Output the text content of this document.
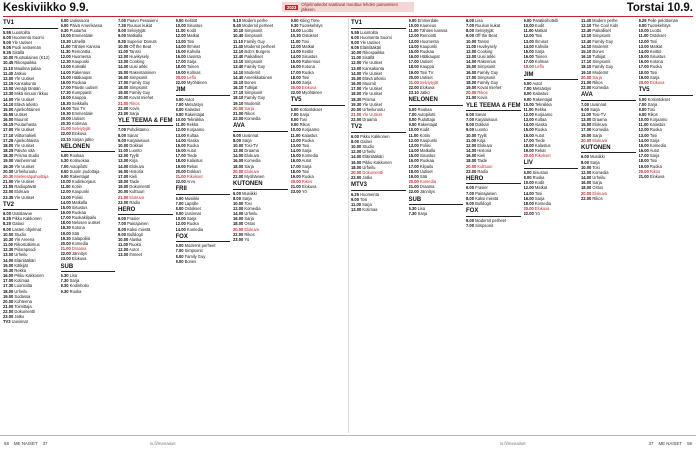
Keskiviikko 9.9.	2023	Ohjelmatiedot saattavat muuttua lehden painamisen jälkeen.	Torstai 10.9.
TV1
5.55 Luontoilta
6.00 Huomenta Suomi
9.00 Yle Uutiset
9.05 Puoli seitsemän
9.35 Sisällä
10.00 Ruotsalainen (K12)
10.45 Rikospaikka
11.10 Maailma palaa
11.40 Jatkuu
12.00 Yle Uutiset
12.15 Kansakunta
13.00 Venäjä tänään
13.30 Mikä sinuun rikkoo
14.00 Yle Uutiset
14.10 Elävä arkisto
15.00 Ajankohtainen
15.55 Uutiset
16.00 Muumit
16.15 Puutarhasta
17.00 Yle Uutiset
17.10 Viittomakieli
17.25 Ajankohtaista
18.00 Yle Uutiset
18.25 Päivän sää
18.30 Prisma studio
19.00 Vanhemmat
19.30 Yle Uutiset
20.00 Urheiluruutu
20.30 Mielensäpahoittaja
21.00 Yle Uutiset
21.05 Radiopäivät
22.00 Elokuva
23.35 Yle Uutiset
TV2
6.00 Uutislaivue
6.25 Pikku Kakkonen
8.20 Galaxi
9.00 Lasten ohjelmat
10.00 Studio
10.30 Yle Areena
11.00 Rikostutkimus
12.30 Piilorapsodi
13.00 Urheilu
14.00 Eläinlääkäri
15.00 Kätkijät
15.30 Rekka
16.00 Pikku Kakkonen
17.00 Kotimaa
17.30 Luontoilta
18.00 Urheilu
19.00 Sodassa
20.00 Kohteena
21.00 Toimittaja
22.00 Dokumentti
23.00 Jatko
TV3 Uusinnat
8.00 Uutissuora
9.00 Päivä Amerikassa
9.30 Puutarha
10.00 Emmerdale
10.30 Lähellä
11.00 Tähtien Kanssa
11.30 Remonttia
12.00 Huomenta
12.30 Kaupunki
13.00 Kotiväki
14.00 Rakennus
15.00 Hääkaupat
16.00 Ruokaa
17.00 Päivän uutiset
17.30 Kumppanit
18.00 Kauppa
18.30 Seikkailu
19.00 Tosi TV
19.30 Emmerdale
20.00 Uutiset
20.30 Kotimaa
21.00 Selviytyjät
22.00 Elokuva
23.10 Sarjan jatko
NELONEN
6.00 Ruokaa
6.30 Kotiruokaa
7.00 Autopilotti
8.00 Suurin pudottaja
9.00 Rakentajat
10.00 Kodinkorjaus
11.00 Kotiin
12.00 Kaupunki
13.00 Poliisi
14.00 Matkalla
15.00 Sisustus
16.00 Ruokaa
17.00 Ruokakilpailu
18.00 Nelosen uutiset
18.30 Kotona
19.00 Sää
19.30 Salapoliisi
20.00 Komedia
21.00 Draama
22.00 Jännitys
23.00 Elokuva
SUB
6.30 Lisa
7.30 Sarja
8.30 Kodinhoito
9.30 Ruoka
7.00 Paavo Pesusieni
7.30 Ruusun kukat
8.00 Selviytyjät
9.00 Matkalla
9.30 Superior Donuts
10.00 Off the Beat
11.00 Tanssi
12.00 Huvikysely
13.00 Cooking
14.00 Uusi arkki
15.00 Rakentaminen
16.00 Simpsonit
17.00 Family Guy
18.00 Simpsonit
19.00 Family Guy
20.00 Kovat miehet
21.00 Rikos
22.00 Kovis
23.00 Sarja
YLE TEEMA & FEM
7.00 Puhdistamo
8.00 Sanat
9.00 Karjalaisuus
10.00 Dokkari
11.00 Luonto
12.00 Tyylit
13.00 Kirja
14.00 Elokuva
16.00 Historia
17.00 Kieli
18.00 Taide
19.00 Dokumentti
20.00 Kulttuuri
21.00 Elokuva
23.00 Radio
HERO
6.00 Frasier
7.00 Painajainen
8.00 Kaksi miestä
9.00 Bulldogit
10.00 Alaska
11.00 Ruoka
12.00 Autot
13.00 Ihmeet
9.00 Keittiöt
10.00 Sisustus
11.00 Kodit
12.00 Matkat
13.00 Tosi
14.00 Ihmiset
15.00 Kahvila
16.00 Uusinta
17.00 Sarja
18.00 Toinen
19.00 Kolmas
20.00 Leffa
22.00 Myöhäinen
JIM
6.00 Autot
7.00 Metsästys
8.00 Kalastus
9.00 Rakentajat
10.00 Tekniikka
11.00 Rekka
12.00 Korjaamo
13.00 Kultaa
14.00 Alaska
15.00 Ruoka
16.00 Autot
17.00 Tiede
18.00 Kalastus
19.00 Rekat
20.00 Dokkari
21.00 Rikokset
22.00 Arvo
FRII
6.00 Musiikki
7.00 Lapsille
8.00 Ostokset
9.00 Uusinnat
10.00 Sarja
12.00 Ruoka
14.00 Komedia
FOX
6.00 Modernit perheet
7.00 Simpsonit
8.00 Family Guy
9.00 Bones
9.10 Modern perhe
9.40 Modernit perheet
10.10 Simpsonit
10.40 Simpsonit
11.10 Family Guy
11.40 Modernit perheet
12.10 Bob's Burgers
12.40 Paikalliset
13.10 Simpsonit
13.40 Family Guy
14.10 Modernit
14.40 Amerikkalainen
15.10 Bones
16.10 Tutkijat
17.10 Simpsonit
18.10 Family Guy
19.10 Modernit
20.00 Sarja
21.00 Rikos
22.00 Komedia
AVA
6.00 Uusinnat
8.00 Sarja
10.00 Tosi-TV
12.00 Draama
14.00 Elokuva
16.00 Komedia
18.00 Sarja
20.00 Elokuva
22.00 Myöhäinen
KUTONEN
6.00 Musiikki
8.00 Sarja
10.00 Tosi
12.00 Komedia
14.00 Urheilu
16.00 Sarja
18.00 Ostos
20.00 Elokuva
22.00 Rikos
23.00 Yö
9.00 Kiling Time
9.30 Tuotekehitys
10.00 Luotto
10.30 Ostokset
11.00 Tosi
12.00 Matkat
13.00 Keittiö
14.00 Sisustus
15.00 Rakennus
16.00 Kotona
17.00 Ruoka
18.00 Tosi
19.00 Sarja
20.00 Elokuva
22.00 Myöhäinen
TV5
6.00 Kotiostokset
7.00 Sarja
8.00 Tosi
9.00 Rikos
10.00 Korjaamo
11.00 Kalastus
12.00 Ruoka
13.00 Tosi
14.00 Sarja
15.00 Komedia
16.00 Autot
17.00 Sarja
18.00 Tosi
19.00 Ruoka
20.00 Rikos
21.00 Elokuva
23.00 Yö
TV1
5.55 Luontoilta
6.00 Huomenta Suomi
9.00 Yle Uutiset
9.05 Eläinlääkäri
10.00 Rikospaikka
11.00 Sisällä
12.00 Yle Uutiset
13.00 Kansakunta
14.00 Yle Uutiset
15.00 Elävä arkisto
16.00 Muumit
17.00 Yle Uutiset
18.00 Yle Uutiset
18.30 Prisma
19.30 Yle Uutiset
20.00 Urheiluruutu
21.00 Yle Uutiset
22.00 Draama
TV2
6.00 Pikku Kakkonen
8.00 Galaxi
10.00 Studio
12.00 Urheilu
14.00 Eläinlääkäri
16.00 Pikku Kakkonen
18.00 Urheilu
20.00 Dokumentti
22.00 Jatko
MTV3
6.25 Huomenta
9.00 Tosi
11.00 Sarja
13.00 Kotimaa
9.00 Emmerdale
10.00 Kauneus
11.00 Tähtien kanssa
12.00 Remontti
13.00 Huomenta
14.00 Kaupunki
15.00 Ruokaa
16.00 Hääkaupat
17.00 Uutiset
18.00 Kauppa
19.00 Tosi TV
20.00 Uutiset
21.00 Selviytyjät
22.00 Elokuva
23.10 Jatko
NELONEN
6.00 Ruokaa
7.00 Autopilotti
8.00 Pudottaja
9.00 Rakentajat
10.00 Kodit
11.00 Kotiin
12.00 Kaupunki
13.00 Poliisi
14.00 Matkalla
15.00 Sisustus
16.00 Ruokaa
17.00 Kilpailu
18.00 Uutiset
19.00 Sää
20.00 Komedia
21.00 Draama
22.00 Jännitys
SUB
6.30 Lisa
7.30 Sarja
6.00 Lisa
7.00 Ruusun kukat
8.00 Selviytyjät
9.00 Off the Beat
10.00 Tanssi
11.00 Huvikysely
12.00 Cooking
13.00 Uusi arkki
14.00 Rakennus
15.00 Simpsonit
16.00 Family Guy
17.00 Simpsonit
18.00 Family Guy
19.00 Kovat miehet
20.00 Rikos
21.00 Kovis
YLE TEEMA & FEM
6.00 Sanat
7.00 Karjalaisuus
8.00 Dokkari
9.00 Luonto
10.00 Tyylit
11.00 Kirja
12.00 Elokuva
14.00 Historia
16.00 Kieli
18.00 Taide
20.00 Kulttuuri
22.00 Radio
HERO
6.00 Frasier
7.00 Painajainen
8.00 Kaksi miestä
9.00 Bulldogit
FOX
6.00 Modernit perheet
7.00 Simpsonit
9.00 Paratiisihotelli
10.00 Kodit
11.00 Matkat
12.00 Tosi
13.00 Ihmiset
14.00 Kahvila
15.00 Sarja
16.00 Toinen
17.00 Kolmas
18.00 Leffa
JIM
6.00 Autot
7.00 Metsästys
8.00 Kalastus
9.00 Rakentajat
10.00 Tekniikka
11.00 Rekka
12.00 Korjaamo
13.00 Kultaa
14.00 Alaska
15.00 Ruoka
16.00 Autot
17.00 Tiede
18.00 Kalastus
19.00 Rekat
20.00 Rikokset
LIV
6.00 Sisustus
8.00 Ruoka
10.00 Kodit
12.00 Matkat
14.00 Tosi
16.00 Sarja
18.00 Komedia
20.00 Elokuva
22.00 Yö
11.40 Modern perhe
12.10 The Cool Kids
12.40 Paikalliset
13.10 Simpsonit
13.40 Family Guy
14.10 Modernit
15.10 Bones
16.10 Tutkijat
17.10 Simpsonit
18.10 Family Guy
19.10 Modernit
20.00 Sarja
21.00 Rikos
22.00 Komedia
AVA
7.00 Uusinnat
9.00 Sarja
11.00 Tosi-TV
13.00 Draama
15.00 Elokuva
17.00 Komedia
19.00 Sarja
20.00 Elokuva
KUTONEN
6.00 Musiikki
8.00 Sarja
10.00 Tosi
12.00 Komedia
14.00 Urheilu
16.00 Sarja
18.00 Ostos
20.00 Elokuva
22.00 Rikos
8.25 Pelle pelottoman
9.00 Tuotekehitys
10.00 Luotto
11.00 Ostokset
12.00 Tosi
13.00 Matkat
14.00 Keittiö
15.00 Sisustus
16.00 Kotona
17.00 Ruoka
18.00 Tosi
19.00 Sarja
20.00 Elokuva
TV5
6.00 Kotiostokset
7.00 Sarja
8.00 Tosi
9.00 Rikos
10.00 Korjaamo
11.00 Kalastus
12.00 Ruoka
13.00 Tosi
14.00 Sarja
15.00 Komedia
16.00 Autot
17.00 Sarja
18.00 Tosi
19.00 Ruoka
20.00 Rikos
21.00 Elokuva
58 ME NAISET 37	37 ME NAISET 59
is.fi/menaiset	is.fi/menaiset
